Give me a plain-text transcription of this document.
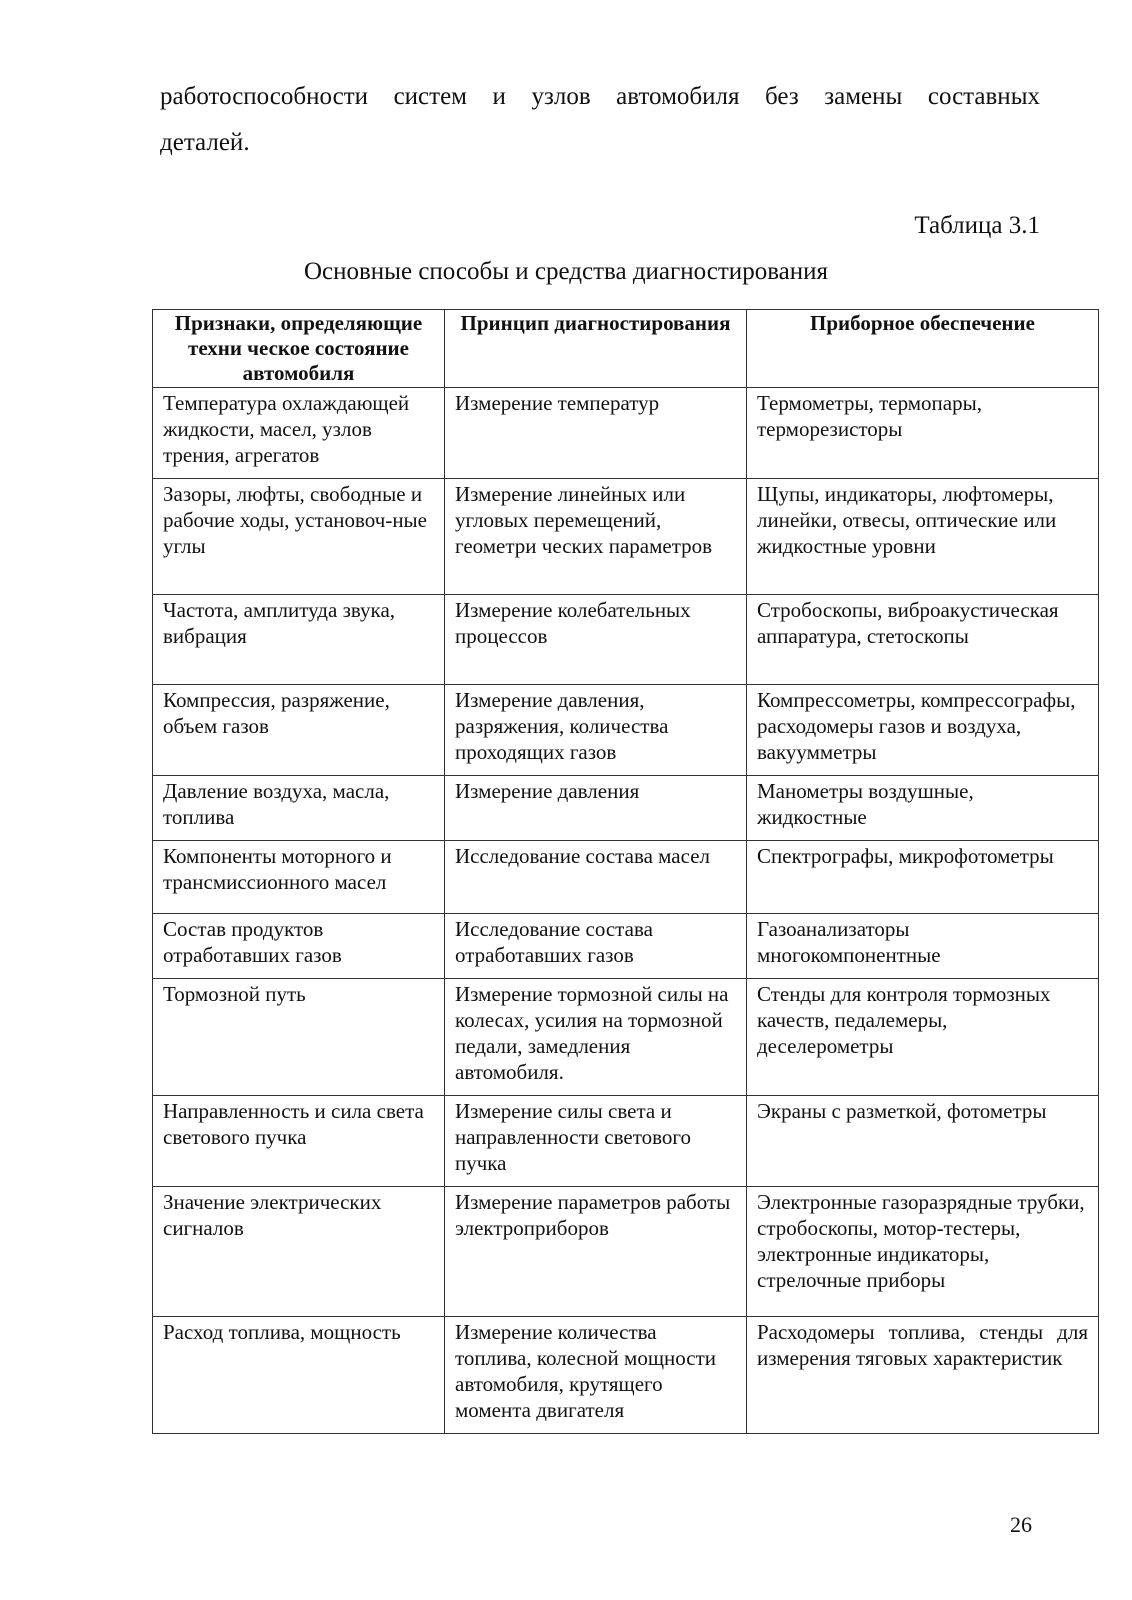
работоспособности систем и узлов автомобиля без замены составных
деталей.
Таблица 3.1
Основные способы и средства диагностирования
Признаки, определяющие техни ческое состояние автомобиля	Принцип диагностирования	Приборное обеспечение
Температура охлаждающей жидкости, масел, узлов трения, агрегатов	Измерение температур	Термометры, термопары, терморезисторы
Зазоры, люфты, свободные и рабочие ходы, установоч-ные углы	Измерение линейных или угловых перемещений, геометри ческих параметров	Щупы, индикаторы, люфтомеры, линейки, отвесы, оптические или жидкостные уровни
Частота, амплитуда звука, вибрация	Измерение колебательных процессов	Стробоскопы, виброакустическая аппаратура, стетоскопы
Компрессия, разряжение, объем газов	Измерение давления, разряжения, количества проходящих газов	Компрессометры, компрессографы, расходомеры газов и воздуха, вакуумметры
Давление воздуха, масла, топлива	Измерение давления	Манометры воздушные, жидкостные
Компоненты моторного и трансмиссионного масел	Исследование состава масел	Спектрографы, микрофотометры
Состав продуктов отработавших газов	Исследование состава отработавших газов	Газоанализаторы многокомпонентные
Тормозной путь	Измерение тормозной силы на колесах, усилия на тормозной педали, замедления автомобиля.	Стенды для контроля тормозных качеств, педалемеры, деселерометры
Направленность и сила света светового пучка	Измерение силы света и направленности светового пучка	Экраны с разметкой, фотометры
Значение электрических сигналов	Измерение параметров работы электроприборов	Электронные газоразрядные трубки, стробоскопы, мотор-тестеры, электронные индикаторы, стрелочные приборы
Расход топлива, мощность	Измерение количества топлива, колесной мощности автомобиля, крутящего момента двигателя	Расходомеры топлива, стенды для измерения тяговых характеристик
26
